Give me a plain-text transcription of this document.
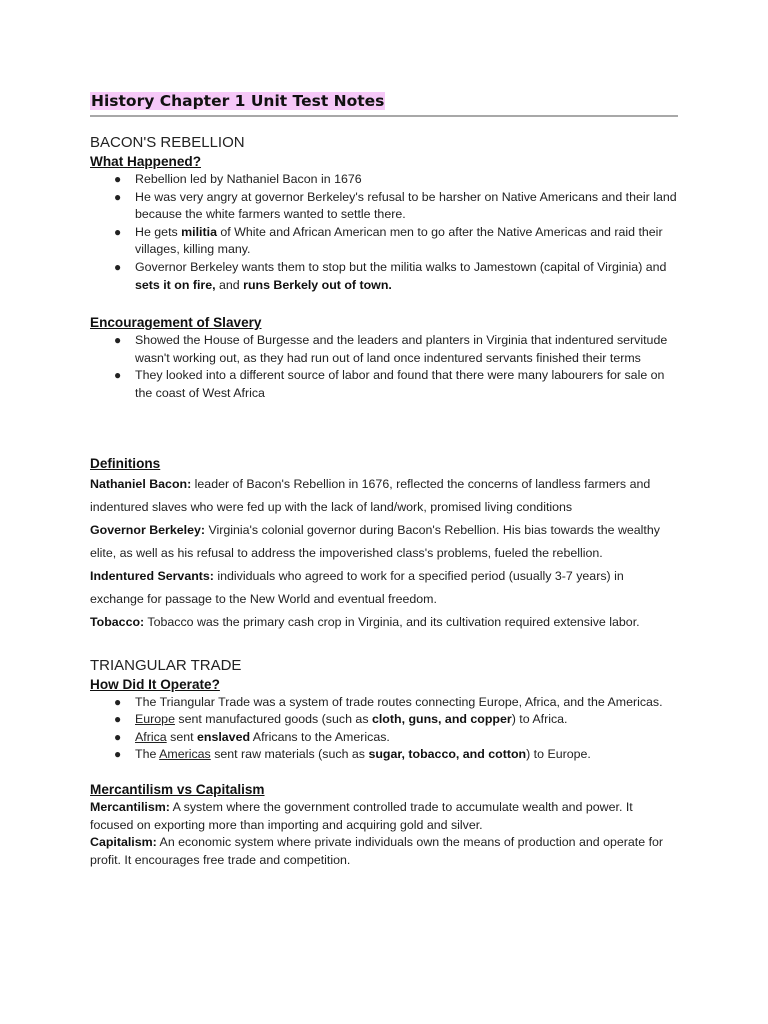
History Chapter 1 Unit Test Notes
BACON'S REBELLION
What Happened?
● Rebellion led by Nathaniel Bacon in 1676
● He was very angry at governor Berkeley's refusal to be harsher on Native Americans and their land because the white farmers wanted to settle there.
● He gets militia of White and African American men to go after the Native Americas and raid their villages, killing many.
● Governor Berkeley wants them to stop but the militia walks to Jamestown (capital of Virginia) and sets it on fire, and runs Berkely out of town.
Encouragement of Slavery
● Showed the House of Burgesse and the leaders and planters in Virginia that indentured servitude wasn't working out, as they had run out of land once indentured servants finished their terms
● They looked into a different source of labor and found that there were many labourers for sale on the coast of West Africa
Definitions

Nathaniel Bacon: leader of Bacon's Rebellion in 1676, reflected the concerns of landless farmers and indentured slaves who were fed up with the lack of land/work, promised living conditions

Governor Berkeley: Virginia's colonial governor during Bacon's Rebellion. His bias towards the wealthy elite, as well as his refusal to address the impoverished class's problems, fueled the rebellion.

Indentured Servants: individuals who agreed to work for a specified period (usually 3-7 years) in exchange for passage to the New World and eventual freedom.

Tobacco: Tobacco was the primary cash crop in Virginia, and its cultivation required extensive labor.

TRIANGULAR TRADE
How Did It Operate?
● The Triangular Trade was a system of trade routes connecting Europe, Africa, and the Americas.
● Europe sent manufactured goods (such as cloth, guns, and copper) to Africa.
● Africa sent enslaved Africans to the Americas.
● The Americas sent raw materials (such as sugar, tobacco, and cotton) to Europe.
Mercantilism vs Capitalism

Mercantilism: A system where the government controlled trade to accumulate wealth and power. It focused on exporting more than importing and acquiring gold and silver.

Capitalism: An economic system where private individuals own the means of production and operate for profit. It encourages free trade and competition.
